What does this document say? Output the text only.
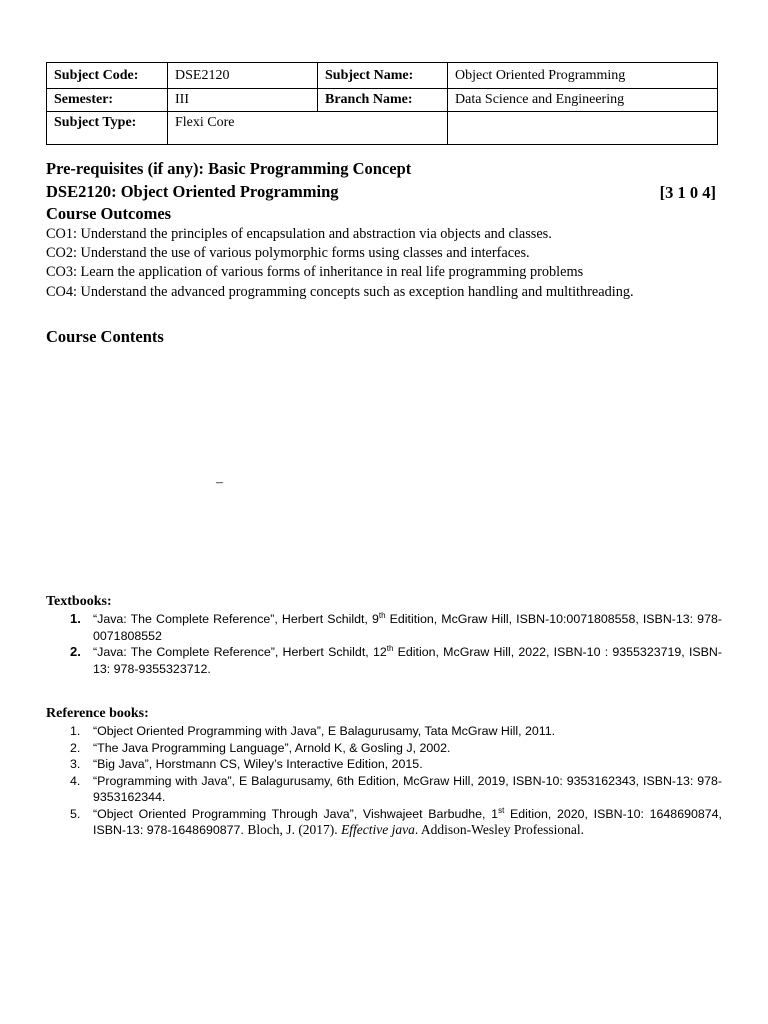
Subject Code:	DSE2120	Subject Name:	Object Oriented Programming
Semester:	III	Branch Name:	Data Science and Engineering
Subject Type:	Flexi Core		
Pre-requisites (if any): Basic Programming Concept
DSE2120: Object Oriented Programming	[3 1 0 4]
Course Outcomes
CO1: Understand the principles of encapsulation and abstraction via objects and classes.
CO2: Understand the use of various polymorphic forms using classes and interfaces.
CO3: Learn the application of various forms of inheritance in real life programming problems
CO4: Understand the advanced programming concepts such as exception handling and multithreading.
Course Contents
–
Textbooks:
1. “Java: The Complete Reference”, Herbert Schildt, 9th Editition, McGraw Hill, ISBN-10:0071808558, ISBN-13: 978-0071808552
2. “Java: The Complete Reference”, Herbert Schildt, 12th Edition, McGraw Hill, 2022, ISBN-10 : 9355323719, ISBN-13: 978-9355323712.
Reference books:
1. “Object Oriented Programming with Java”, E Balagurusamy, Tata McGraw Hill, 2011.
2. “The Java Programming Language”, Arnold K, & Gosling J, 2002.
3. “Big Java”, Horstmann CS, Wiley’s Interactive Edition, 2015.
4. “Programming with Java”, E Balagurusamy, 6th Edition, McGraw Hill, 2019, ISBN-10: 9353162343, ISBN-13: 978-9353162344.
5. “Object Oriented Programming Through Java”, Vishwajeet Barbudhe, 1st Edition, 2020, ISBN-10: 1648690874, ISBN-13: 978-1648690877. Bloch, J. (2017). Effective java. Addison-Wesley Professional.
